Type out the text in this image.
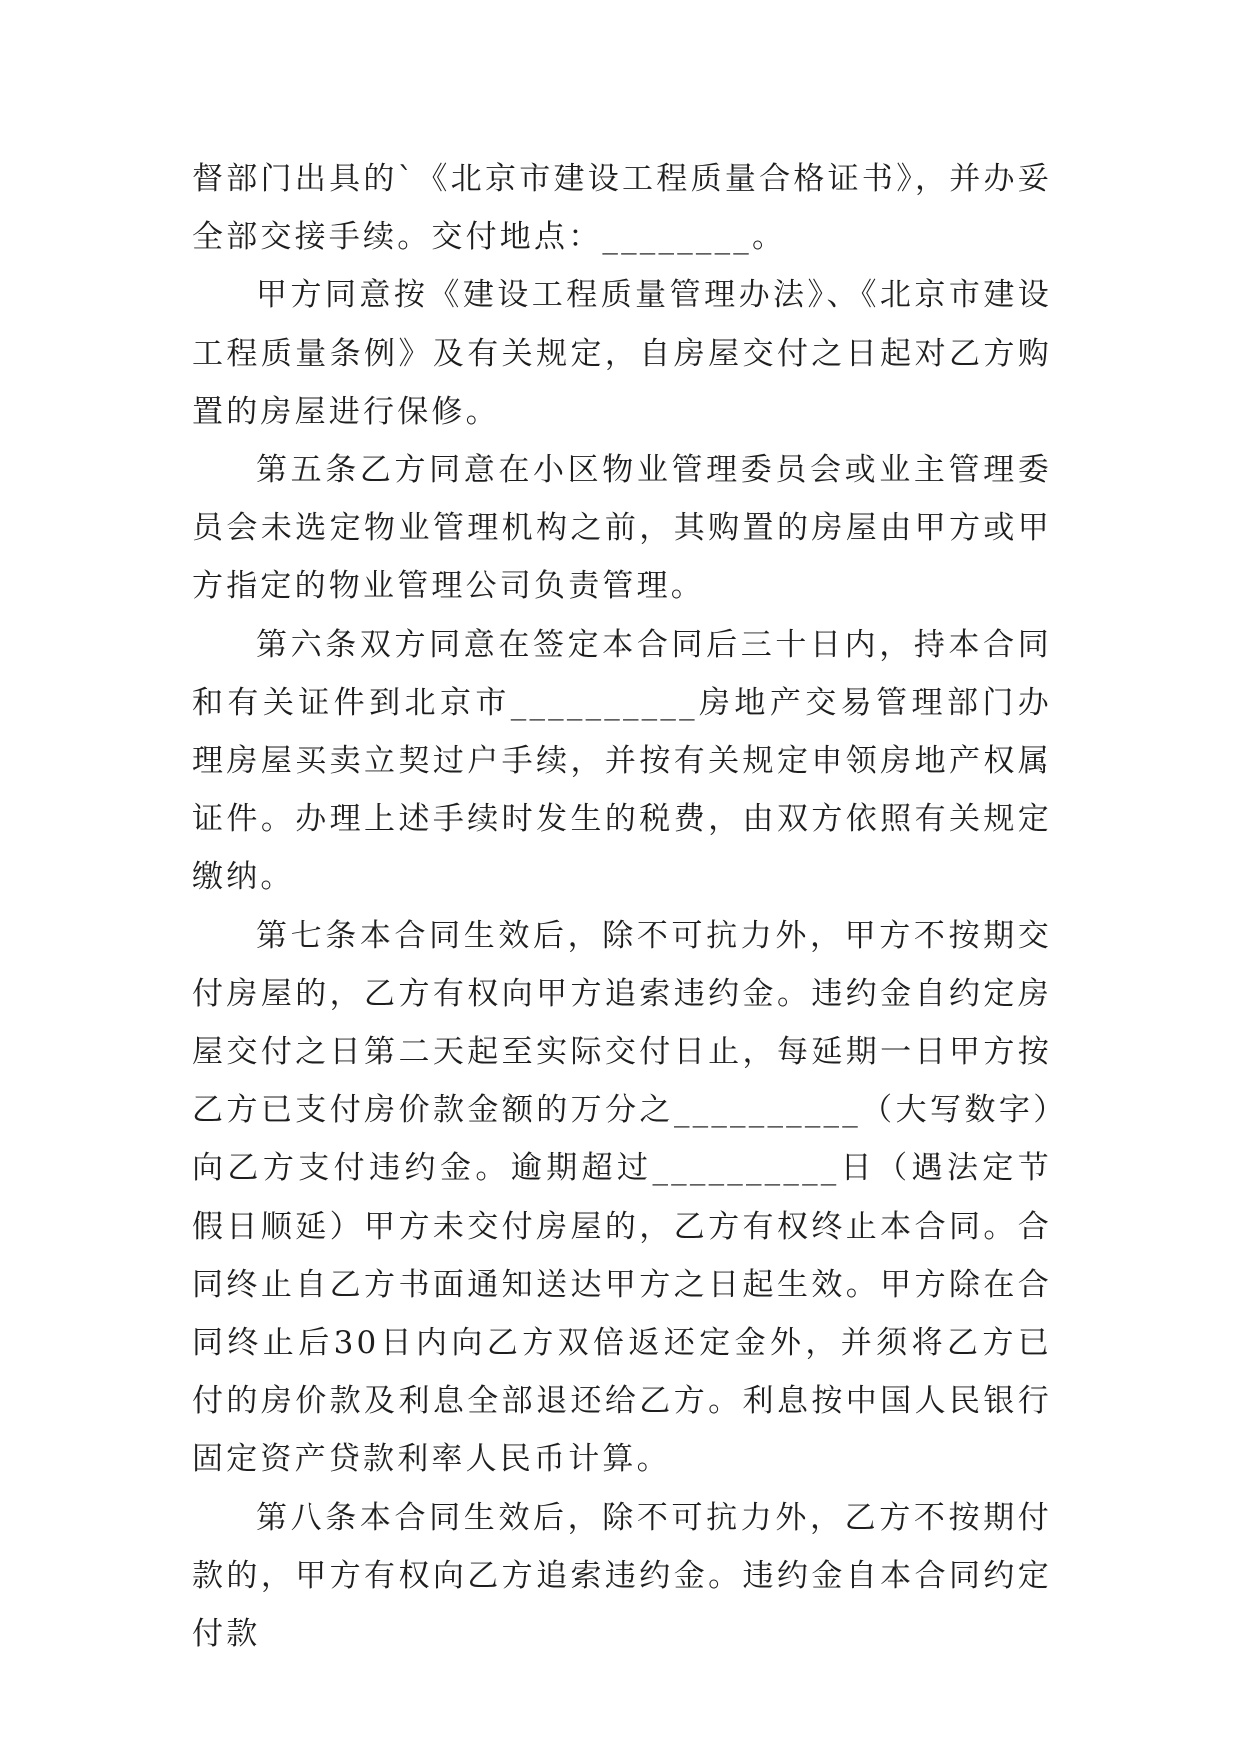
督部门出具的`《北京市建设工程质量合格证书》，并办妥全部交接手续。交付地点：________。

甲方同意按《建设工程质量管理办法》、《北京市建设工程质量条例》及有关规定，自房屋交付之日起对乙方购置的房屋进行保修。

第五条乙方同意在小区物业管理委员会或业主管理委员会未选定物业管理机构之前，其购置的房屋由甲方或甲方指定的物业管理公司负责管理。

第六条双方同意在签定本合同后三十日内，持本合同和有关证件到北京市__________房地产交易管理部门办理房屋买卖立契过户手续，并按有关规定申领房地产权属证件。办理上述手续时发生的税费，由双方依照有关规定缴纳。

第七条本合同生效后，除不可抗力外，甲方不按期交付房屋的，乙方有权向甲方追索违约金。违约金自约定房屋交付之日第二天起至实际交付日止，每延期一日甲方按乙方已支付房价款金额的万分之__________（大写数字）向乙方支付违约金。逾期超过__________日（遇法定节假日顺延）甲方未交付房屋的，乙方有权终止本合同。合同终止自乙方书面通知送达甲方之日起生效。甲方除在合同终止后30日内向乙方双倍返还定金外，并须将乙方已付的房价款及利息全部退还给乙方。利息按中国人民银行固定资产贷款利率人民币计算。

第八条本合同生效后，除不可抗力外，乙方不按期付款的，甲方有权向乙方追索违约金。违约金自本合同约定付款
